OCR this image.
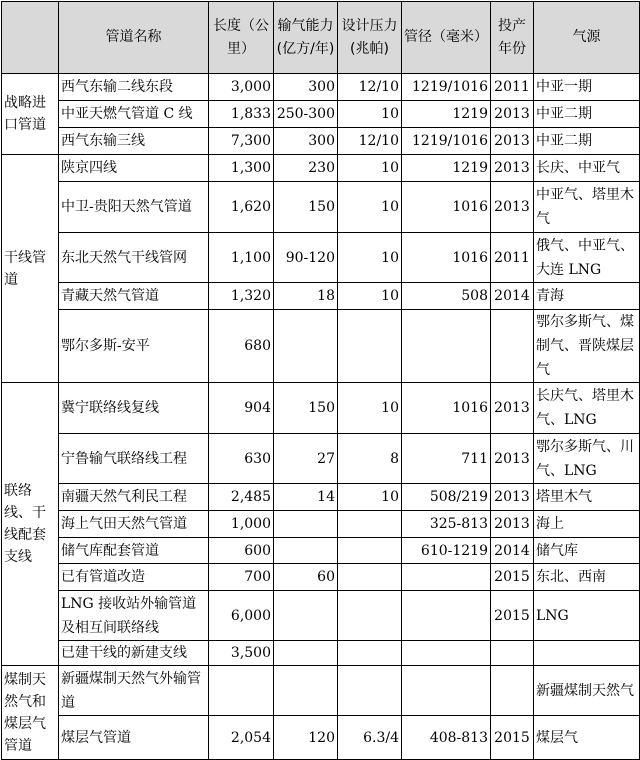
	管道名称	长度（公里）	输气能力(亿方/年)	设计压力(兆帕)	管径（毫米）	投产年份	气源
战略进口管道	西气东输二线东段	3,000	300	12/10	1219/1016	2011	中亚一期
	中亚天燃气管道 C 线	1,833	250-300	10	1219	2013	中亚二期
	西气东输三线	7,300	300	12/10	1219/1016	2013	中亚二期
干线管道	陕京四线	1,300	230	10	1219	2013	长庆、中亚气
	中卫-贵阳天然气管道	1,620	150	10	1016	2013	中亚气、塔里木气
	东北天然气干线管网	1,100	90-120	10	1016	2011	俄气、中亚气、大连 LNG
	青藏天然气管道	1,320	18	10	508	2014	青海
	鄂尔多斯-安平	680					鄂尔多斯气、煤制气、晋陕煤层气
联络线、干线配套支线	冀宁联络线复线	904	150	10	1016	2013	长庆气、塔里木气、LNG
	宁鲁输气联络线工程	630	27	8	711	2013	鄂尔多斯气、川气、LNG
	南疆天然气利民工程	2,485	14	10	508/219	2013	塔里木气
	海上气田天然气管道	1,000			325-813	2013	海上
	储气库配套管道	600			610-1219	2014	储气库
	已有管道改造	700	60			2015	东北、西南
	LNG 接收站外输管道及相互间联络线	6,000				2015	LNG
	已建干线的新建支线	3,500					
煤制天然气和煤层气管道	新疆煤制天然气外输管道						新疆煤制天然气
	煤层气管道	2,054	120	6.3/4	408-813	2015	煤层气
